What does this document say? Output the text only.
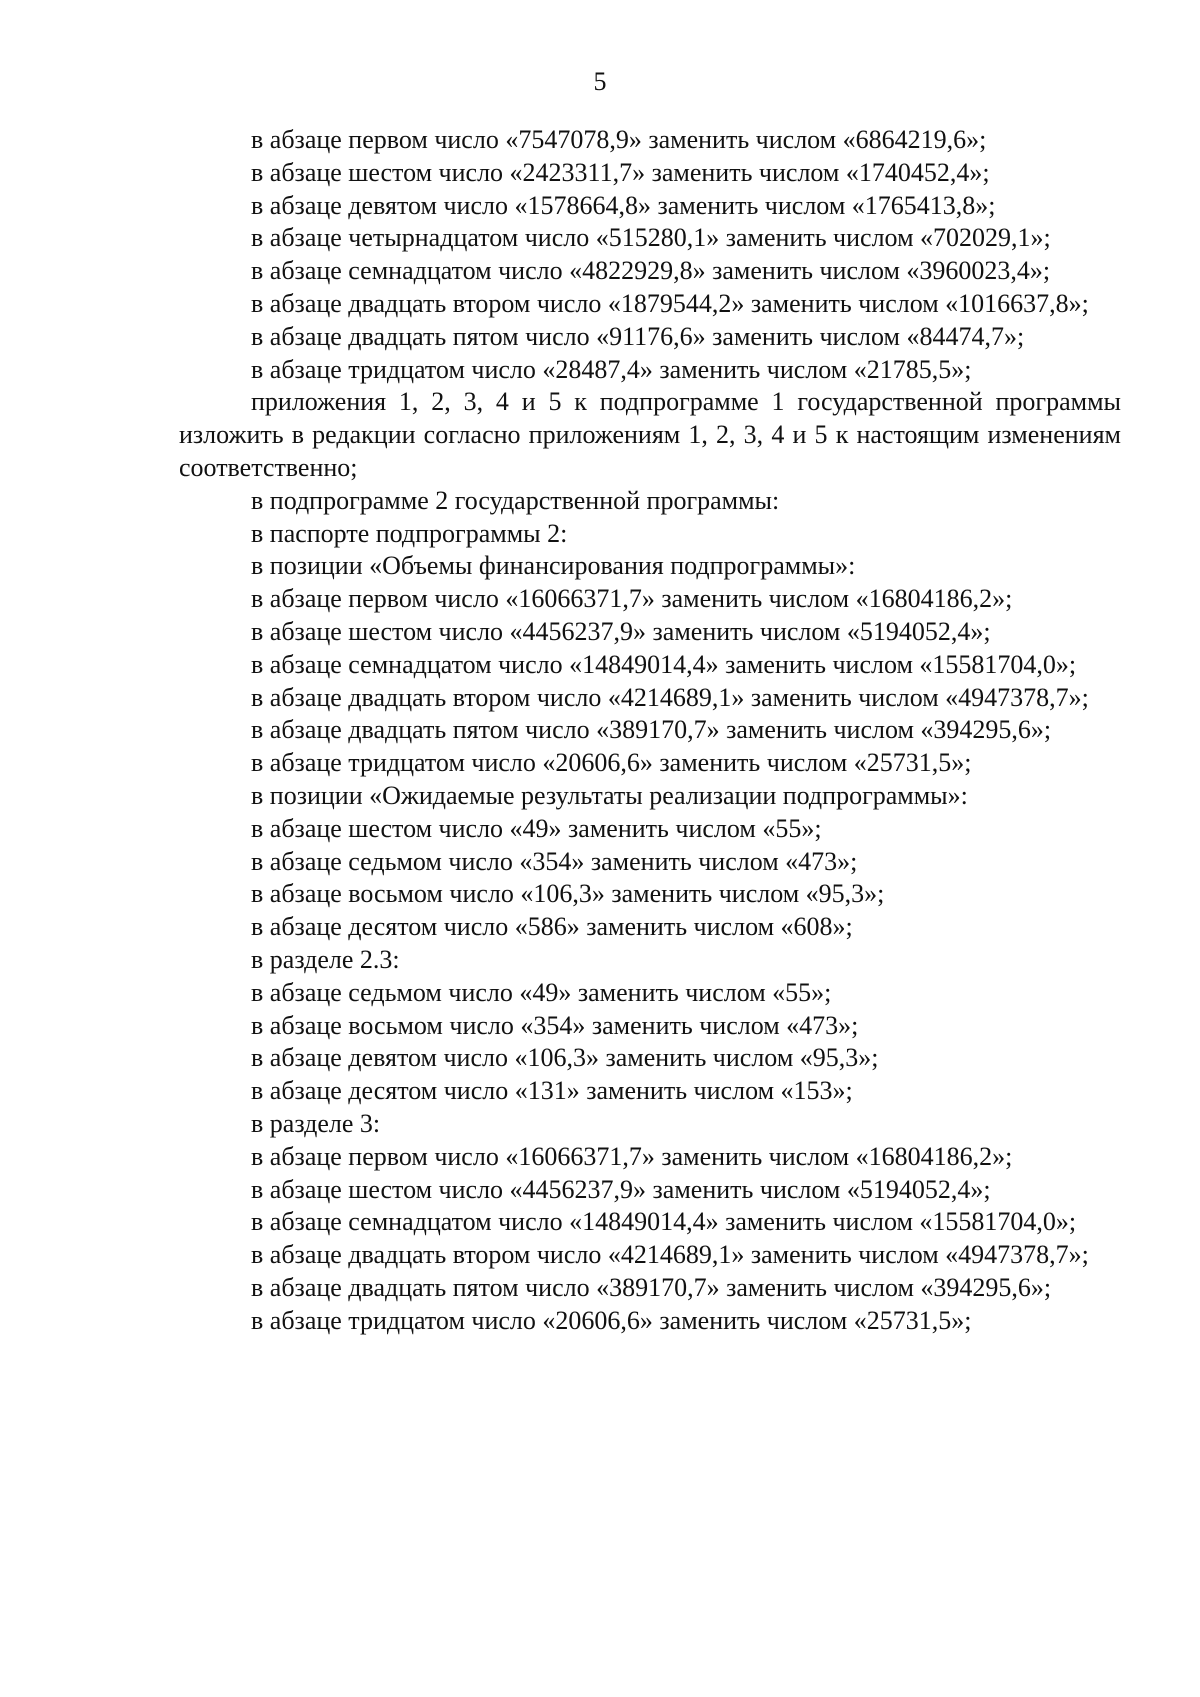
5

в абзаце первом число «7547078,9» заменить числом «6864219,6»;

в абзаце шестом число «2423311,7» заменить числом «1740452,4»;

в абзаце девятом число «1578664,8» заменить числом «1765413,8»;

в абзаце четырнадцатом число «515280,1» заменить числом «702029,1»;

в абзаце семнадцатом число «4822929,8» заменить числом «3960023,4»;

в абзаце двадцать втором число «1879544,2» заменить числом «1016637,8»;

в абзаце двадцать пятом число «91176,6» заменить числом «84474,7»;

в абзаце тридцатом число «28487,4» заменить числом «21785,5»;

приложения 1, 2, 3, 4 и 5 к подпрограмме 1 государственной программы изложить в редакции согласно приложениям 1, 2, 3, 4 и 5 к настоящим изменениям соответственно;

в подпрограмме 2 государственной программы:

в паспорте подпрограммы 2:

в позиции «Объемы финансирования подпрограммы»:

в абзаце первом число «16066371,7» заменить числом «16804186,2»;

в абзаце шестом число «4456237,9» заменить числом «5194052,4»;

в абзаце семнадцатом число «14849014,4» заменить числом «15581704,0»;

в абзаце двадцать втором число «4214689,1» заменить числом «4947378,7»;

в абзаце двадцать пятом число «389170,7» заменить числом «394295,6»;

в абзаце тридцатом число «20606,6» заменить числом «25731,5»;

в позиции «Ожидаемые результаты реализации подпрограммы»:

в абзаце шестом число «49» заменить числом «55»;

в абзаце седьмом число «354» заменить числом «473»;

в абзаце восьмом число «106,3» заменить числом «95,3»;

в абзаце десятом число «586» заменить числом «608»;

в разделе 2.3:

в абзаце седьмом число «49» заменить числом «55»;

в абзаце восьмом число «354» заменить числом «473»;

в абзаце девятом число «106,3» заменить числом «95,3»;

в абзаце десятом число «131» заменить числом «153»;

в разделе 3:

в абзаце первом число «16066371,7» заменить числом «16804186,2»;

в абзаце шестом число «4456237,9» заменить числом «5194052,4»;

в абзаце семнадцатом число «14849014,4» заменить числом «15581704,0»;

в абзаце двадцать втором число «4214689,1» заменить числом «4947378,7»;

в абзаце двадцать пятом число «389170,7» заменить числом «394295,6»;

в абзаце тридцатом число «20606,6» заменить числом «25731,5»;
